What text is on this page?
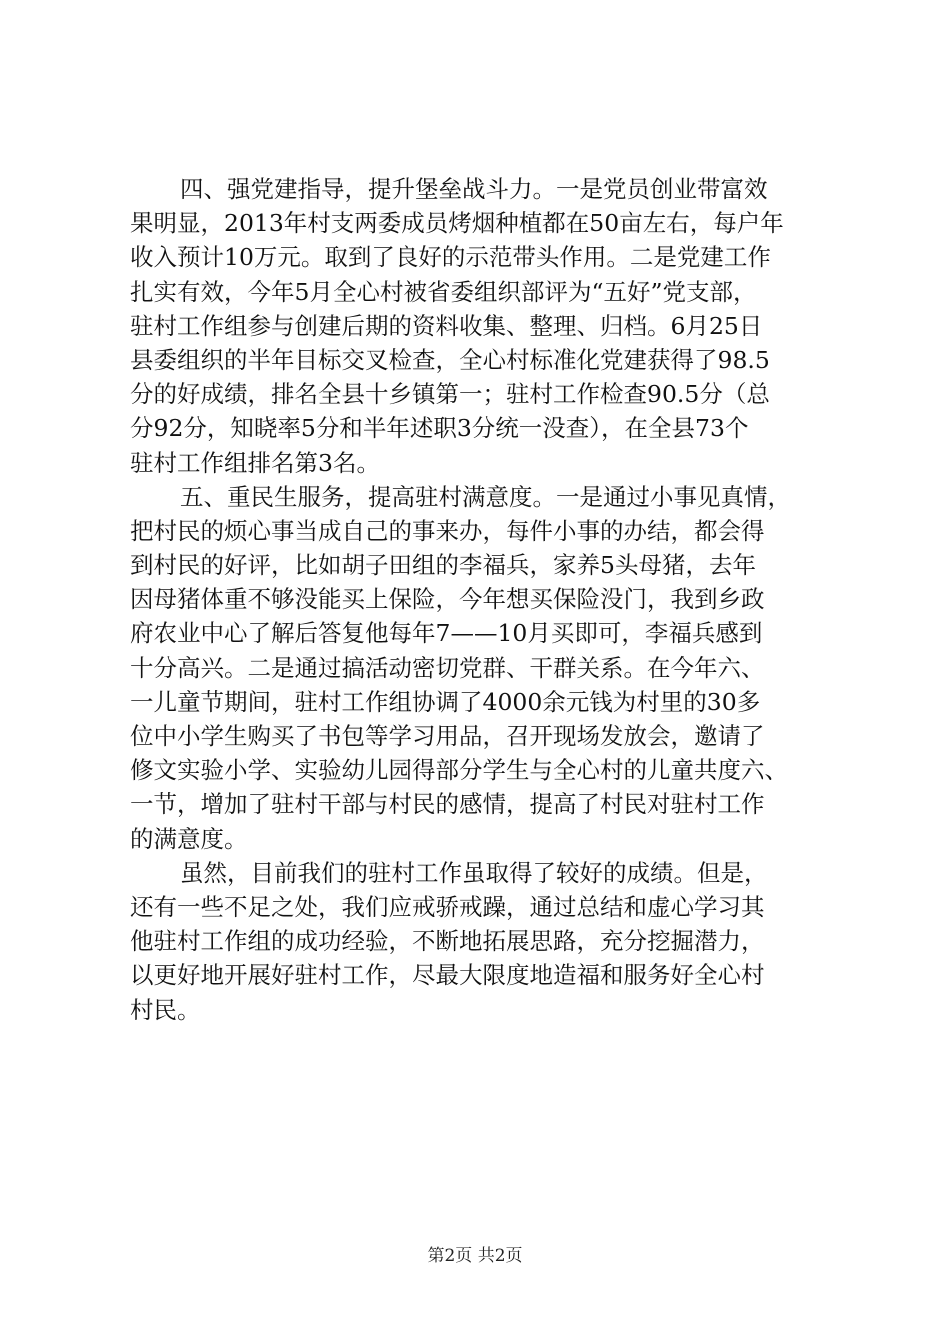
四、强党建指导，提升堡垒战斗力。一是党员创业带富效
果明显，2013年村支两委成员烤烟种植都在50亩左右，每户年
收入预计10万元。取到了良好的示范带头作用。二是党建工作
扎实有效，今年5月全心村被省委组织部评为“五好”党支部，
驻村工作组参与创建后期的资料收集、整理、归档。6月25日
县委组织的半年目标交叉检查，全心村标准化党建获得了98.5
分的好成绩，排名全县十乡镇第一；驻村工作检查90.5分（总
分92分，知晓率5分和半年述职3分统一没查），在全县73个
驻村工作组排名第3名。
五、重民生服务，提高驻村满意度。一是通过小事见真情，
把村民的烦心事当成自己的事来办，每件小事的办结，都会得
到村民的好评，比如胡子田组的李福兵，家养5头母猪，去年
因母猪体重不够没能买上保险，今年想买保险没门，我到乡政
府农业中心了解后答复他每年7——10月买即可，李福兵感到
十分高兴。二是通过搞活动密切党群、干群关系。在今年六、
一儿童节期间，驻村工作组协调了4000余元钱为村里的30多
位中小学生购买了书包等学习用品，召开现场发放会，邀请了
修文实验小学、实验幼儿园得部分学生与全心村的儿童共度六、
一节，增加了驻村干部与村民的感情，提高了村民对驻村工作
的满意度。
虽然，目前我们的驻村工作虽取得了较好的成绩。但是，
还有一些不足之处，我们应戒骄戒躁，通过总结和虚心学习其
他驻村工作组的成功经验，不断地拓展思路，充分挖掘潜力，
以更好地开展好驻村工作，尽最大限度地造福和服务好全心村
村民。
第2页 共2页
